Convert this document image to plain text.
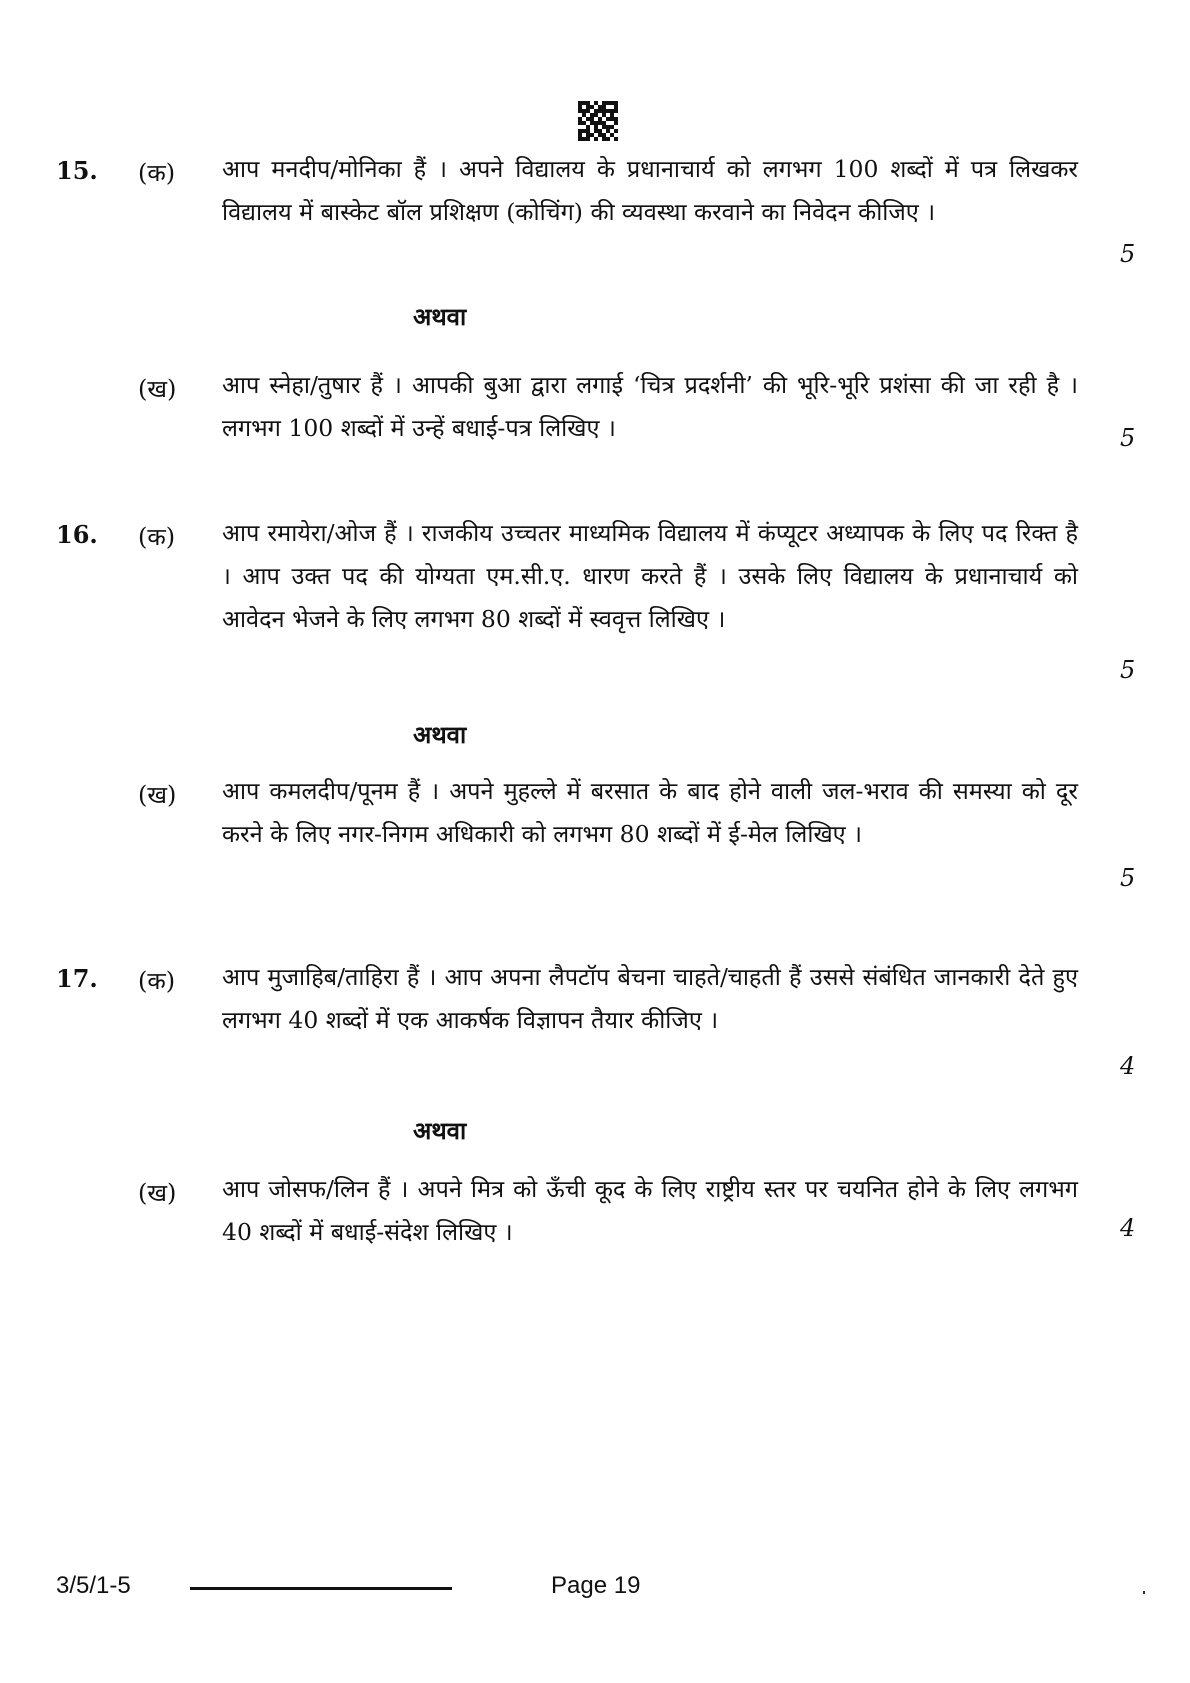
15. (क) आप मनदीप/मोनिका हैं । अपने विद्यालय के प्रधानाचार्य को लगभग 100 शब्दों में पत्र लिखकर विद्यालय में बास्केट बॉल प्रशिक्षण (कोचिंग) की व्यवस्था करवाने का निवेदन कीजिए ।
5
अथवा
(ख) आप स्नेहा/तुषार हैं । आपकी बुआ द्वारा लगाई ‘चित्र प्रदर्शनी’ की भूरि-भूरि प्रशंसा की जा रही है । लगभग 100 शब्दों में उन्हें बधाई-पत्र लिखिए ।	5
16. (क) आप रमायेरा/ओज हैं । राजकीय उच्चतर माध्यमिक विद्यालय में कंप्यूटर अध्यापक के लिए पद रिक्त है । आप उक्त पद की योग्यता एम.सी.ए. धारण करते हैं । उसके लिए विद्यालय के प्रधानाचार्य को आवेदन भेजने के लिए लगभग 80 शब्दों में स्ववृत्त लिखिए ।
5
अथवा
(ख) आप कमलदीप/पूनम हैं । अपने मुहल्ले में बरसात के बाद होने वाली जल-भराव की समस्या को दूर करने के लिए नगर-निगम अधिकारी को लगभग 80 शब्दों में ई-मेल लिखिए ।
5
17. (क) आप मुजाहिब/ताहिरा हैं । आप अपना लैपटॉप बेचना चाहते/चाहती हैं उससे संबंधित जानकारी देते हुए लगभग 40 शब्दों में एक आकर्षक विज्ञापन तैयार कीजिए ।
4
अथवा
(ख) आप जोसफ/लिन हैं । अपने मित्र को ऊँची कूद के लिए राष्ट्रीय स्तर पर चयनित होने के लिए लगभग 40 शब्दों में बधाई-संदेश लिखिए ।	4
3/5/1-5	Page 19
